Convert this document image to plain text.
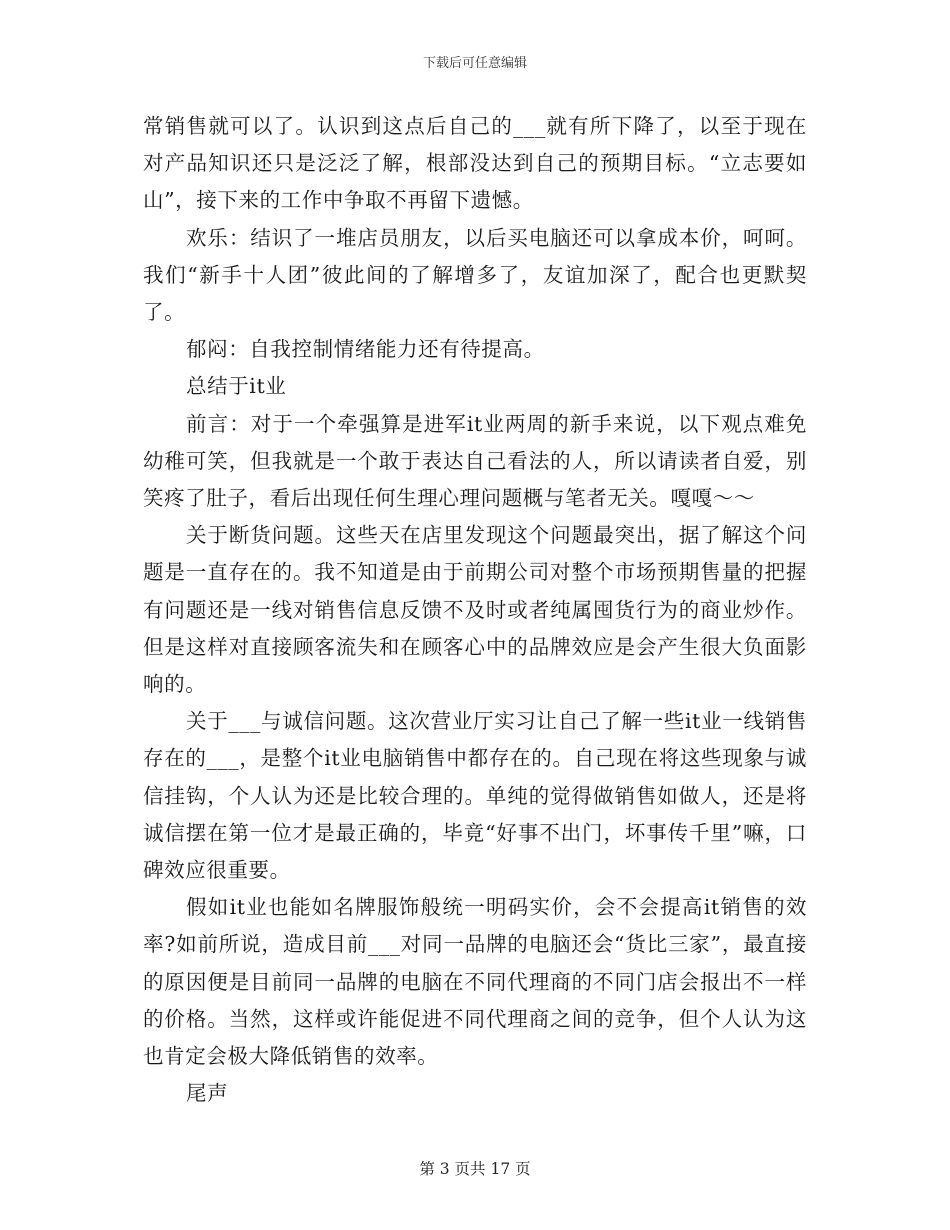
下载后可任意编辑

常销售就可以了。认识到这点后自己的___就有所下降了，以至于现在对产品知识还只是泛泛了解，根部没达到自己的预期目标。“立志要如山”，接下来的工作中争取不再留下遗憾。

欢乐：结识了一堆店员朋友，以后买电脑还可以拿成本价，呵呵。我们“新手十人团”彼此间的了解增多了，友谊加深了，配合也更默契了。

郁闷：自我控制情绪能力还有待提高。

总结于it业

前言：对于一个牵强算是进军it业两周的新手来说，以下观点难免幼稚可笑，但我就是一个敢于表达自己看法的人，所以请读者自爱，别笑疼了肚子，看后出现任何生理心理问题概与笔者无关。嘎嘎～～

关于断货问题。这些天在店里发现这个问题最突出，据了解这个问题是一直存在的。我不知道是由于前期公司对整个市场预期售量的把握有问题还是一线对销售信息反馈不及时或者纯属囤货行为的商业炒作。但是这样对直接顾客流失和在顾客心中的品牌效应是会产生很大负面影响的。

关于___与诚信问题。这次营业厅实习让自己了解一些it业一线销售存在的___，是整个it业电脑销售中都存在的。自己现在将这些现象与诚信挂钩，个人认为还是比较合理的。单纯的觉得做销售如做人，还是将诚信摆在第一位才是最正确的，毕竟“好事不出门，坏事传千里”嘛，口碑效应很重要。

假如it业也能如名牌服饰般统一明码实价，会不会提高it销售的效率?如前所说，造成目前___对同一品牌的电脑还会“货比三家”，最直接的原因便是目前同一品牌的电脑在不同代理商的不同门店会报出不一样的价格。当然，这样或许能促进不同代理商之间的竞争，但个人认为这也肯定会极大降低销售的效率。

尾声

第 3 页共 17 页
